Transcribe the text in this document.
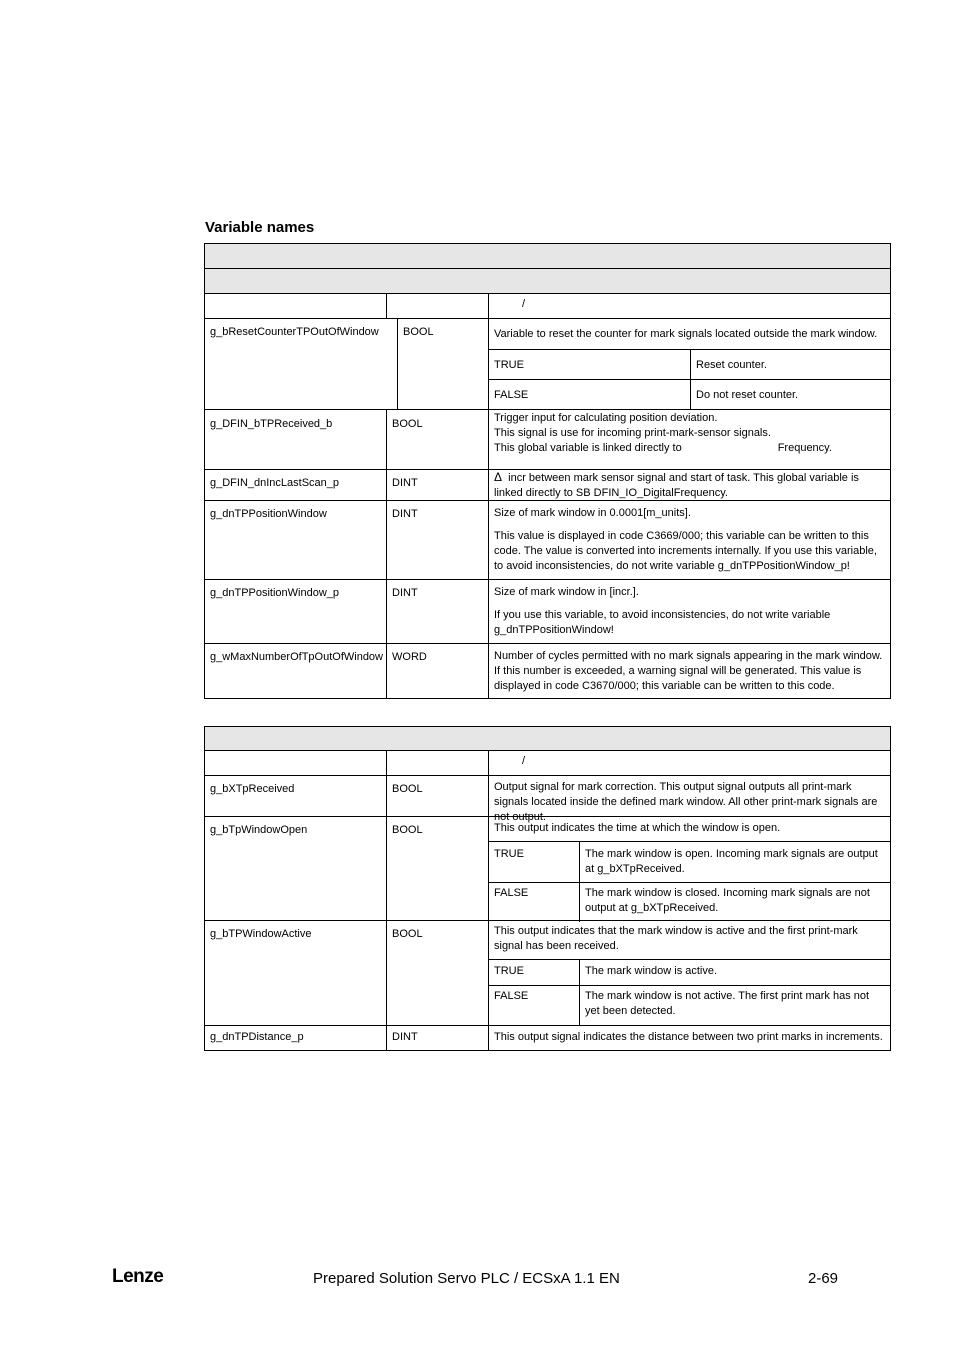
Variable names
/
g_bResetCounterTPOutOfWindow	BOOL	Variable to reset the counter for mark signals located outside the mark window.
TRUE	Reset counter.
FALSE	Do not reset counter.
g_DFIN_bTPReceived_b	BOOL	Trigger input for calculating position deviation.
This signal is use for incoming print-mark-sensor signals.
This global variable is linked directly to	Frequency.
g_DFIN_dnIncLastScan_p	DINT	Δ incr between mark sensor signal and start of task. This global variable is linked directly to SB DFIN_IO_DigitalFrequency.
g_dnTPPositionWindow	DINT	Size of mark window in 0.0001[m_units].
This value is displayed in code C3669/000; this variable can be written to this code. The value is converted into increments internally. If you use this variable, to avoid inconsistencies, do not write variable g_dnTPPositionWindow_p!
g_dnTPPositionWindow_p	DINT	Size of mark window in [incr.].
If you use this variable, to avoid inconsistencies, do not write variable g_dnTPPositionWindow!
g_wMaxNumberOfTpOutOfWindow WORD	Number of cycles permitted with no mark signals appearing in the mark window. If this number is exceeded, a warning signal will be generated. This value is displayed in code C3670/000; this variable can be written to this code.
/
g_bXTpReceived	BOOL	Output signal for mark correction. This output signal outputs all print-mark signals located inside the defined mark window. All other print-mark signals are not output.
g_bTpWindowOpen	BOOL	This output indicates the time at which the window is open.
TRUE	The mark window is open. Incoming mark signals are output at g_bXTpReceived.
FALSE	The mark window is closed. Incoming mark signals are not output at g_bXTpReceived.
g_bTPWindowActive	BOOL	This output indicates that the mark window is active and the first print-mark signal has been received.
TRUE	The mark window is active.
FALSE	The mark window is not active. The first print mark has not yet been detected.
g_dnTPDistance_p	DINT	This output signal indicates the distance between two print marks in increments.
Lenze	Prepared Solution Servo PLC / ECSxA 1.1 EN	2-69
